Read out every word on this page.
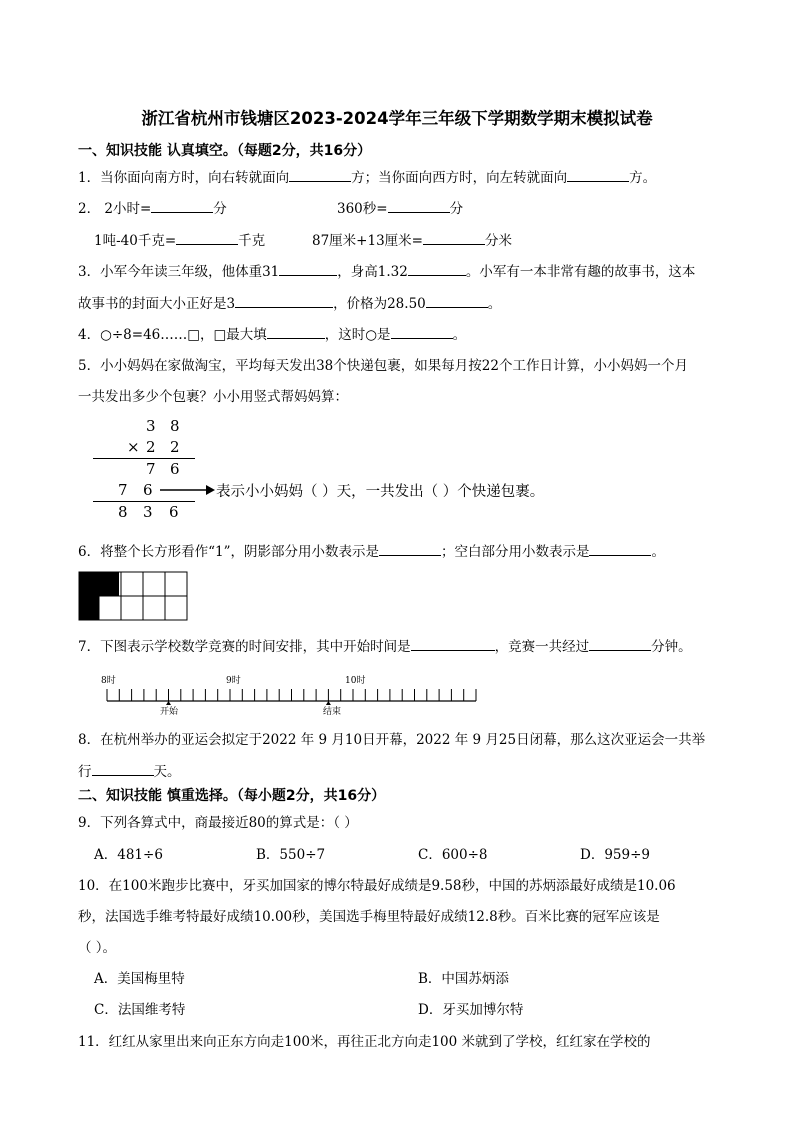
浙江省杭州市钱塘区2023-2024学年三年级下学期数学期末模拟试卷
一、知识技能 认真填空。（每题2分，共16分）
1．当你面向南方时，向右转就面向	方；当你面向西方时，向左转就面向	方。
2． 2小时=	分	360秒=	分
1吨-40千克=	千克	87厘米+13厘米=	分米
3．小军今年读三年级，他体重31	，身高1.32	。小军有一本非常有趣的故事书，这本
故事书的封面大小正好是3	，价格为28.50	。
4．○÷8=46……□，□最大填	，这时○是	。
5．小小妈妈在家做淘宝，平均每天发出38个快递包裹，如果每月按22个工作日计算，小小妈妈一个月
一共发出多少个包裹？小小用竖式帮妈妈算：
3 8
× 2 2
7 6
7 6
8 3 6
表示小小妈妈（ ）天，一共发出（ ）个快递包裹。
6．将整个长方形看作“1”，阴影部分用小数表示是	；空白部分用小数表示是	。
7．下图表示学校数学竞赛的时间安排，其中开始时间是	，竞赛一共经过	分钟。
8时	9时	10时
开始	结束
8．在杭州举办的亚运会拟定于2022 年 9 月10日开幕，2022 年 9 月25日闭幕，那么这次亚运会一共举
行	天。
二、知识技能 慎重选择。（每小题2分，共16分）
9．下列各算式中，商最接近80的算式是：（ ）
A．481÷6	B．550÷7	C．600÷8	D．959÷9
10．在100米跑步比赛中，牙买加国家的博尔特最好成绩是9.58秒，中国的苏炳添最好成绩是10.06
秒，法国选手维考特最好成绩10.00秒，美国选手梅里特最好成绩12.8秒。百米比赛的冠军应该是
（ ）。
A．美国梅里特	B．中国苏炳添
C．法国维考特	D．牙买加博尔特
11．红红从家里出来向正东方向走100米，再往正北方向走100 米就到了学校，红红家在学校的
